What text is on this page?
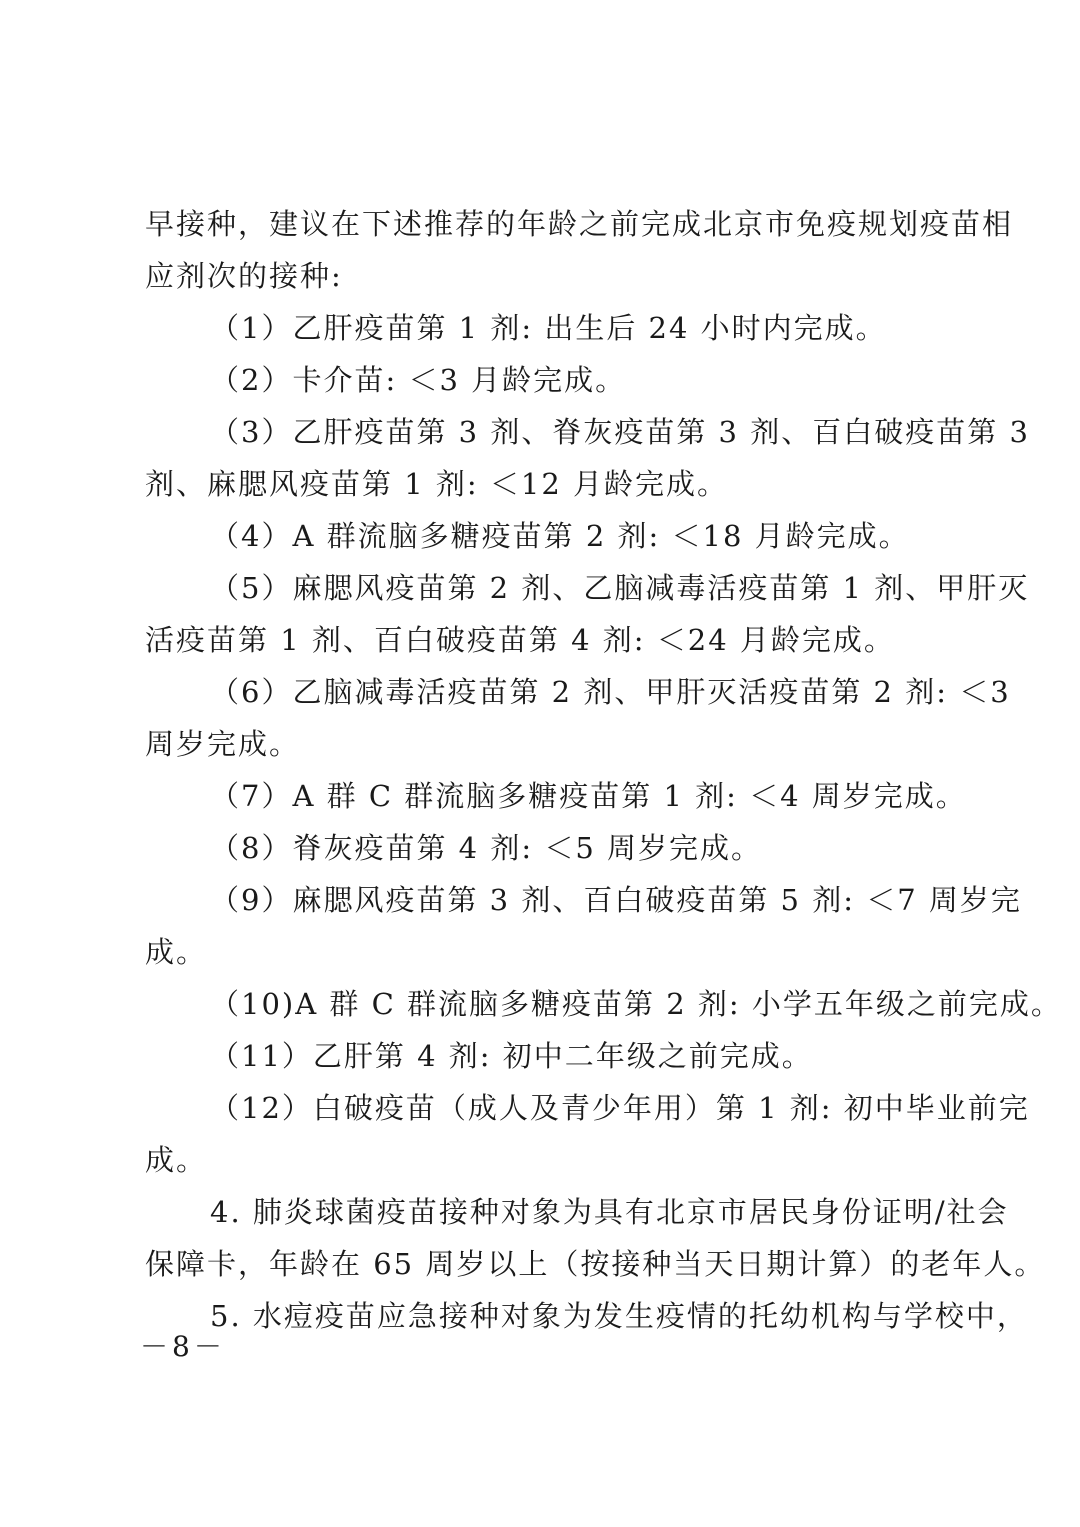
早接种，建议在下述推荐的年龄之前完成北京市免疫规划疫苗相
应剂次的接种:
（1）乙肝疫苗第 1 剂: 出生后 24 小时内完成。
（2）卡介苗: ＜3 月龄完成。
（3）乙肝疫苗第 3 剂、脊灰疫苗第 3 剂、百白破疫苗第 3
剂、麻腮风疫苗第 1 剂: ＜12 月龄完成。
（4）A 群流脑多糖疫苗第 2 剂: ＜18 月龄完成。
（5）麻腮风疫苗第 2 剂、乙脑减毒活疫苗第 1 剂、甲肝灭
活疫苗第 1 剂、百白破疫苗第 4 剂: ＜24 月龄完成。
（6）乙脑减毒活疫苗第 2 剂、甲肝灭活疫苗第 2 剂: ＜3
周岁完成。
（7）A 群 C 群流脑多糖疫苗第 1 剂: ＜4 周岁完成。
（8）脊灰疫苗第 4 剂: ＜5 周岁完成。
（9）麻腮风疫苗第 3 剂、百白破疫苗第 5 剂: ＜7 周岁完
成。
（10)A 群 C 群流脑多糖疫苗第 2 剂: 小学五年级之前完成。
（11）乙肝第 4 剂: 初中二年级之前完成。
（12）白破疫苗（成人及青少年用）第 1 剂: 初中毕业前完
成。
4. 肺炎球菌疫苗接种对象为具有北京市居民身份证明/社会
保障卡，年龄在 65 周岁以上（按接种当天日期计算）的老年人。
5. 水痘疫苗应急接种对象为发生疫情的托幼机构与学校中，
－8－
